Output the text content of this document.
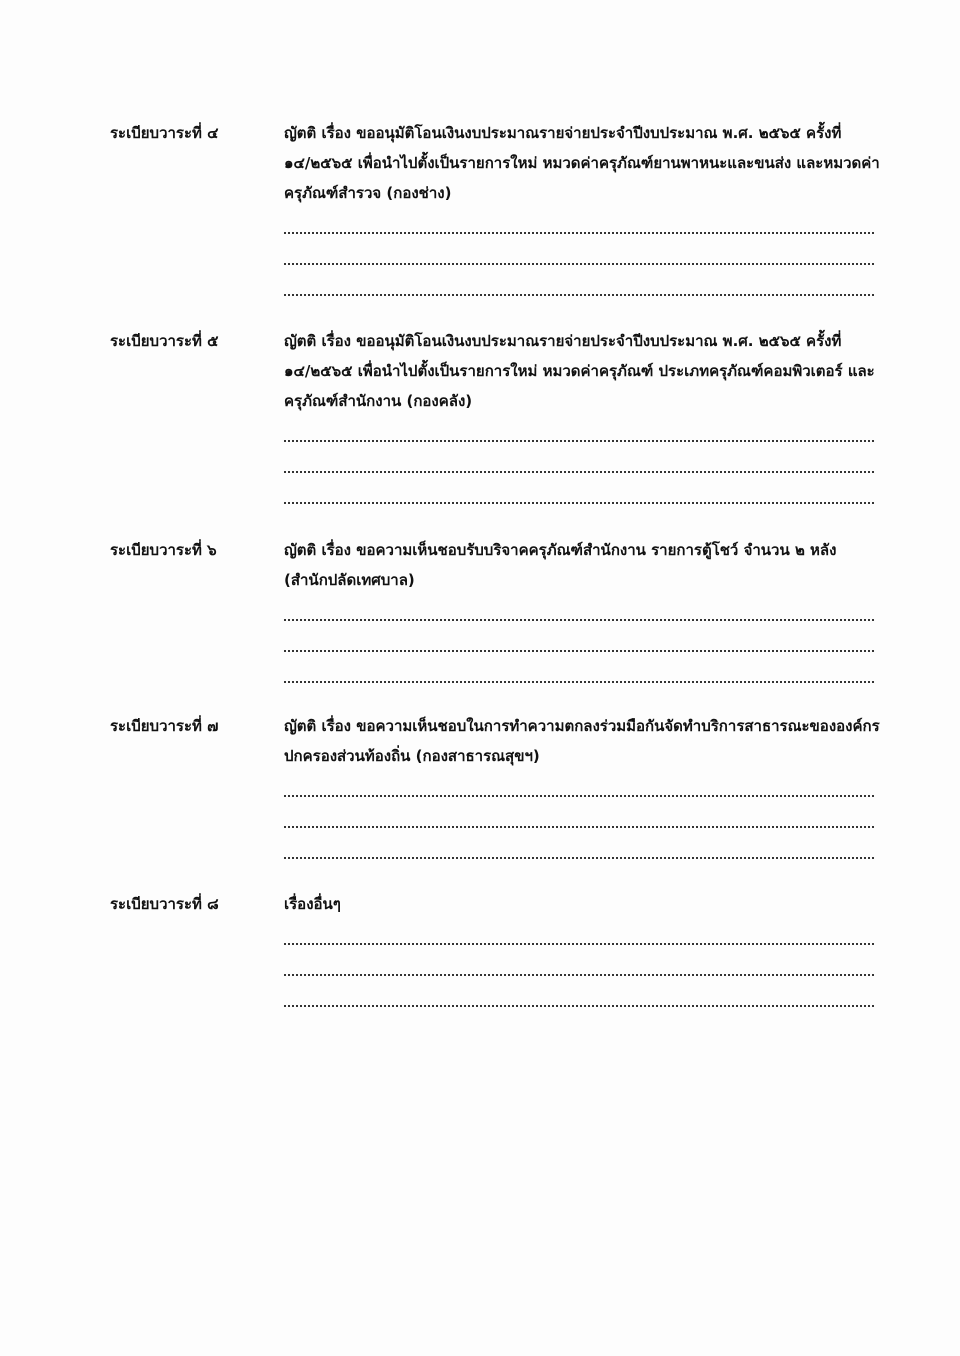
ระเบียบวาระที่ ๔	ญัตติ เรื่อง ขออนุมัติโอนเงินงบประมาณรายจ่ายประจำปีงบประมาณ พ.ศ. ๒๕๖๕ ครั้งที่ ๑๔/๒๕๖๕ เพื่อนำไปตั้งเป็นรายการใหม่ หมวดค่าครุภัณฑ์ยานพาหนะและขนส่ง และหมวดค่าครุภัณฑ์สำรวจ (กองช่าง)

ระเบียบวาระที่ ๕	ญัตติ เรื่อง ขออนุมัติโอนเงินงบประมาณรายจ่ายประจำปีงบประมาณ พ.ศ. ๒๕๖๕ ครั้งที่ ๑๔/๒๕๖๕ เพื่อนำไปตั้งเป็นรายการใหม่ หมวดค่าครุภัณฑ์ ประเภทครุภัณฑ์คอมพิวเตอร์ และครุภัณฑ์สำนักงาน (กองคลัง)

ระเบียบวาระที่ ๖	ญัตติ เรื่อง ขอความเห็นชอบรับบริจาคครุภัณฑ์สำนักงาน รายการตู้โชว์ จำนวน ๒ หลัง (สำนักปลัดเทศบาล)

ระเบียบวาระที่ ๗	ญัตติ เรื่อง ขอความเห็นชอบในการทำความตกลงร่วมมือกันจัดทำบริการสาธารณะขององค์กรปกครองส่วนท้องถิ่น (กองสาธารณสุขฯ)

ระเบียบวาระที่ ๘	เรื่องอื่นๆ
